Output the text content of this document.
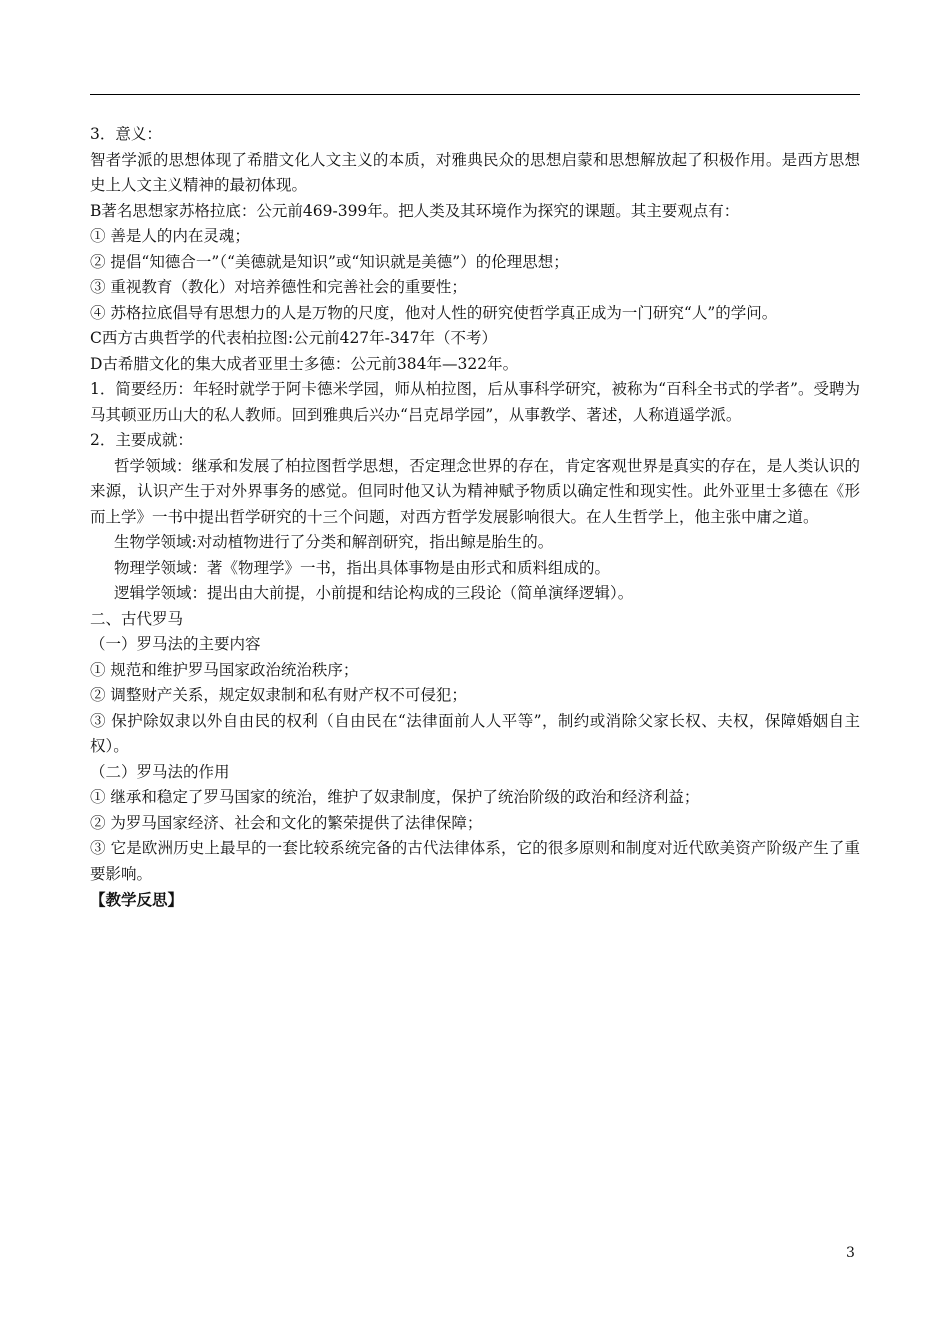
3．意义：
智者学派的思想体现了希腊文化人文主义的本质，对雅典民众的思想启蒙和思想解放起了积极作用。是西方思想史上人文主义精神的最初体现。
B著名思想家苏格拉底：公元前469-399年。把人类及其环境作为探究的课题。其主要观点有：
① 善是人的内在灵魂；
② 提倡“知德合一”（“美德就是知识”或“知识就是美德”）的伦理思想；
③ 重视教育（教化）对培养德性和完善社会的重要性；
④ 苏格拉底倡导有思想力的人是万物的尺度，他对人性的研究使哲学真正成为一门研究“人”的学问。
C西方古典哲学的代表柏拉图:公元前427年-347年（不考）
D古希腊文化的集大成者亚里士多德：公元前384年—322年。
1．简要经历：年轻时就学于阿卡德米学园，师从柏拉图，后从事科学研究，被称为“百科全书式的学者”。受聘为马其顿亚历山大的私人教师。回到雅典后兴办“吕克昂学园”，从事教学、著述，人称逍遥学派。
2．主要成就：
哲学领域：继承和发展了柏拉图哲学思想，否定理念世界的存在，肯定客观世界是真实的存在，是人类认识的来源，认识产生于对外界事务的感觉。但同时他又认为精神赋予物质以确定性和现实性。此外亚里士多德在《形而上学》一书中提出哲学研究的十三个问题，对西方哲学发展影响很大。在人生哲学上，他主张中庸之道。
生物学领域:对动植物进行了分类和解剖研究，指出鲸是胎生的。
物理学领域：著《物理学》一书，指出具体事物是由形式和质料组成的。
逻辑学领域：提出由大前提，小前提和结论构成的三段论（简单演绎逻辑）。
二、古代罗马
（一）罗马法的主要内容
① 规范和维护罗马国家政治统治秩序；
② 调整财产关系，规定奴隶制和私有财产权不可侵犯；
③ 保护除奴隶以外自由民的权利（自由民在“法律面前人人平等”，制约或消除父家长权、夫权，保障婚姻自主权）。
（二）罗马法的作用
① 继承和稳定了罗马国家的统治，维护了奴隶制度，保护了统治阶级的政治和经济利益；
② 为罗马国家经济、社会和文化的繁荣提供了法律保障；
③ 它是欧洲历史上最早的一套比较系统完备的古代法律体系，它的很多原则和制度对近代欧美资产阶级产生了重要影响。
【教学反思】
3
